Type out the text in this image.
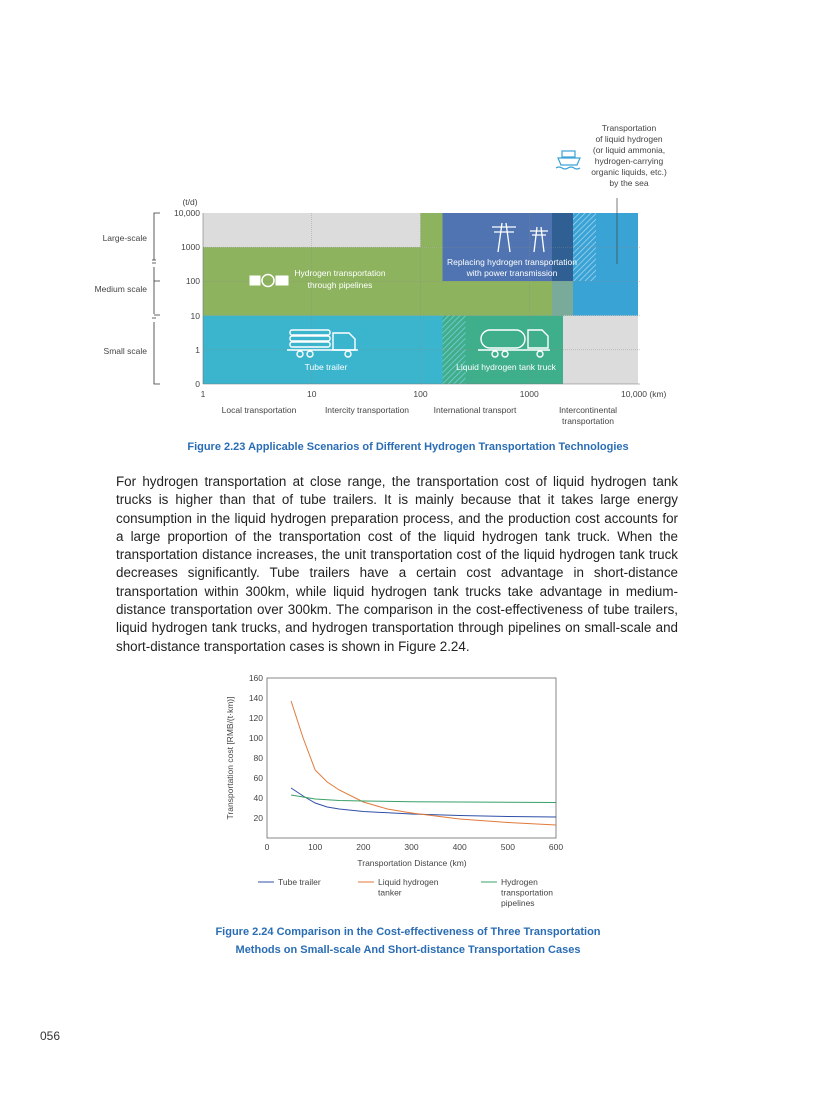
Hydrogen transportation
through pipelines
Replacing hydrogen transportation
with power transmission
Tube trailer	Liquid hydrogen tank truck
Transportation
of liquid hydrogen
(or liquid ammonia,
hydrogen-carrying
organic liquids, etc.)
by the sea
(t/d)
10,000
1000
100
10
1
0
Large-scale
Medium scale
Small scale
1	10	100	1000	10,000 (km)
Local transportation	Intercity transportation	International transport	Intercontinental
transportation
0	100	200	300	400	500	600
20
40
60
80
100
120
140
160
Transportation Distance (km)
Transportation cost [RMB/(t·km)]
Tube trailer	Liquid hydrogen
tanker
Hydrogen
transportation
pipelines
Figure 2.23 Applicable Scenarios of Different Hydrogen Transportation Technologies

For hydrogen transportation at close range, the transportation cost of liquid hydrogen tank trucks is higher than that of tube trailers. It is mainly because that it takes large energy consumption in the liquid hydrogen preparation process, and the production cost accounts for a large proportion of the transportation cost of the liquid hydrogen tank truck. When the transportation distance increases, the unit transportation cost of the liquid hydrogen tank truck decreases significantly. Tube trailers have a certain cost advantage in short-distance transportation within 300km, while liquid hydrogen tank trucks take advantage in medium-distance transportation over 300km. The comparison in the cost-effectiveness of tube trailers, liquid hydrogen tank trucks, and hydrogen transportation through pipelines on small-scale and short-distance transportation cases is shown in Figure 2.24.

Figure 2.24 Comparison in the Cost-effectiveness of Three Transportation
Methods on Small-scale And Short-distance Transportation Cases
056
